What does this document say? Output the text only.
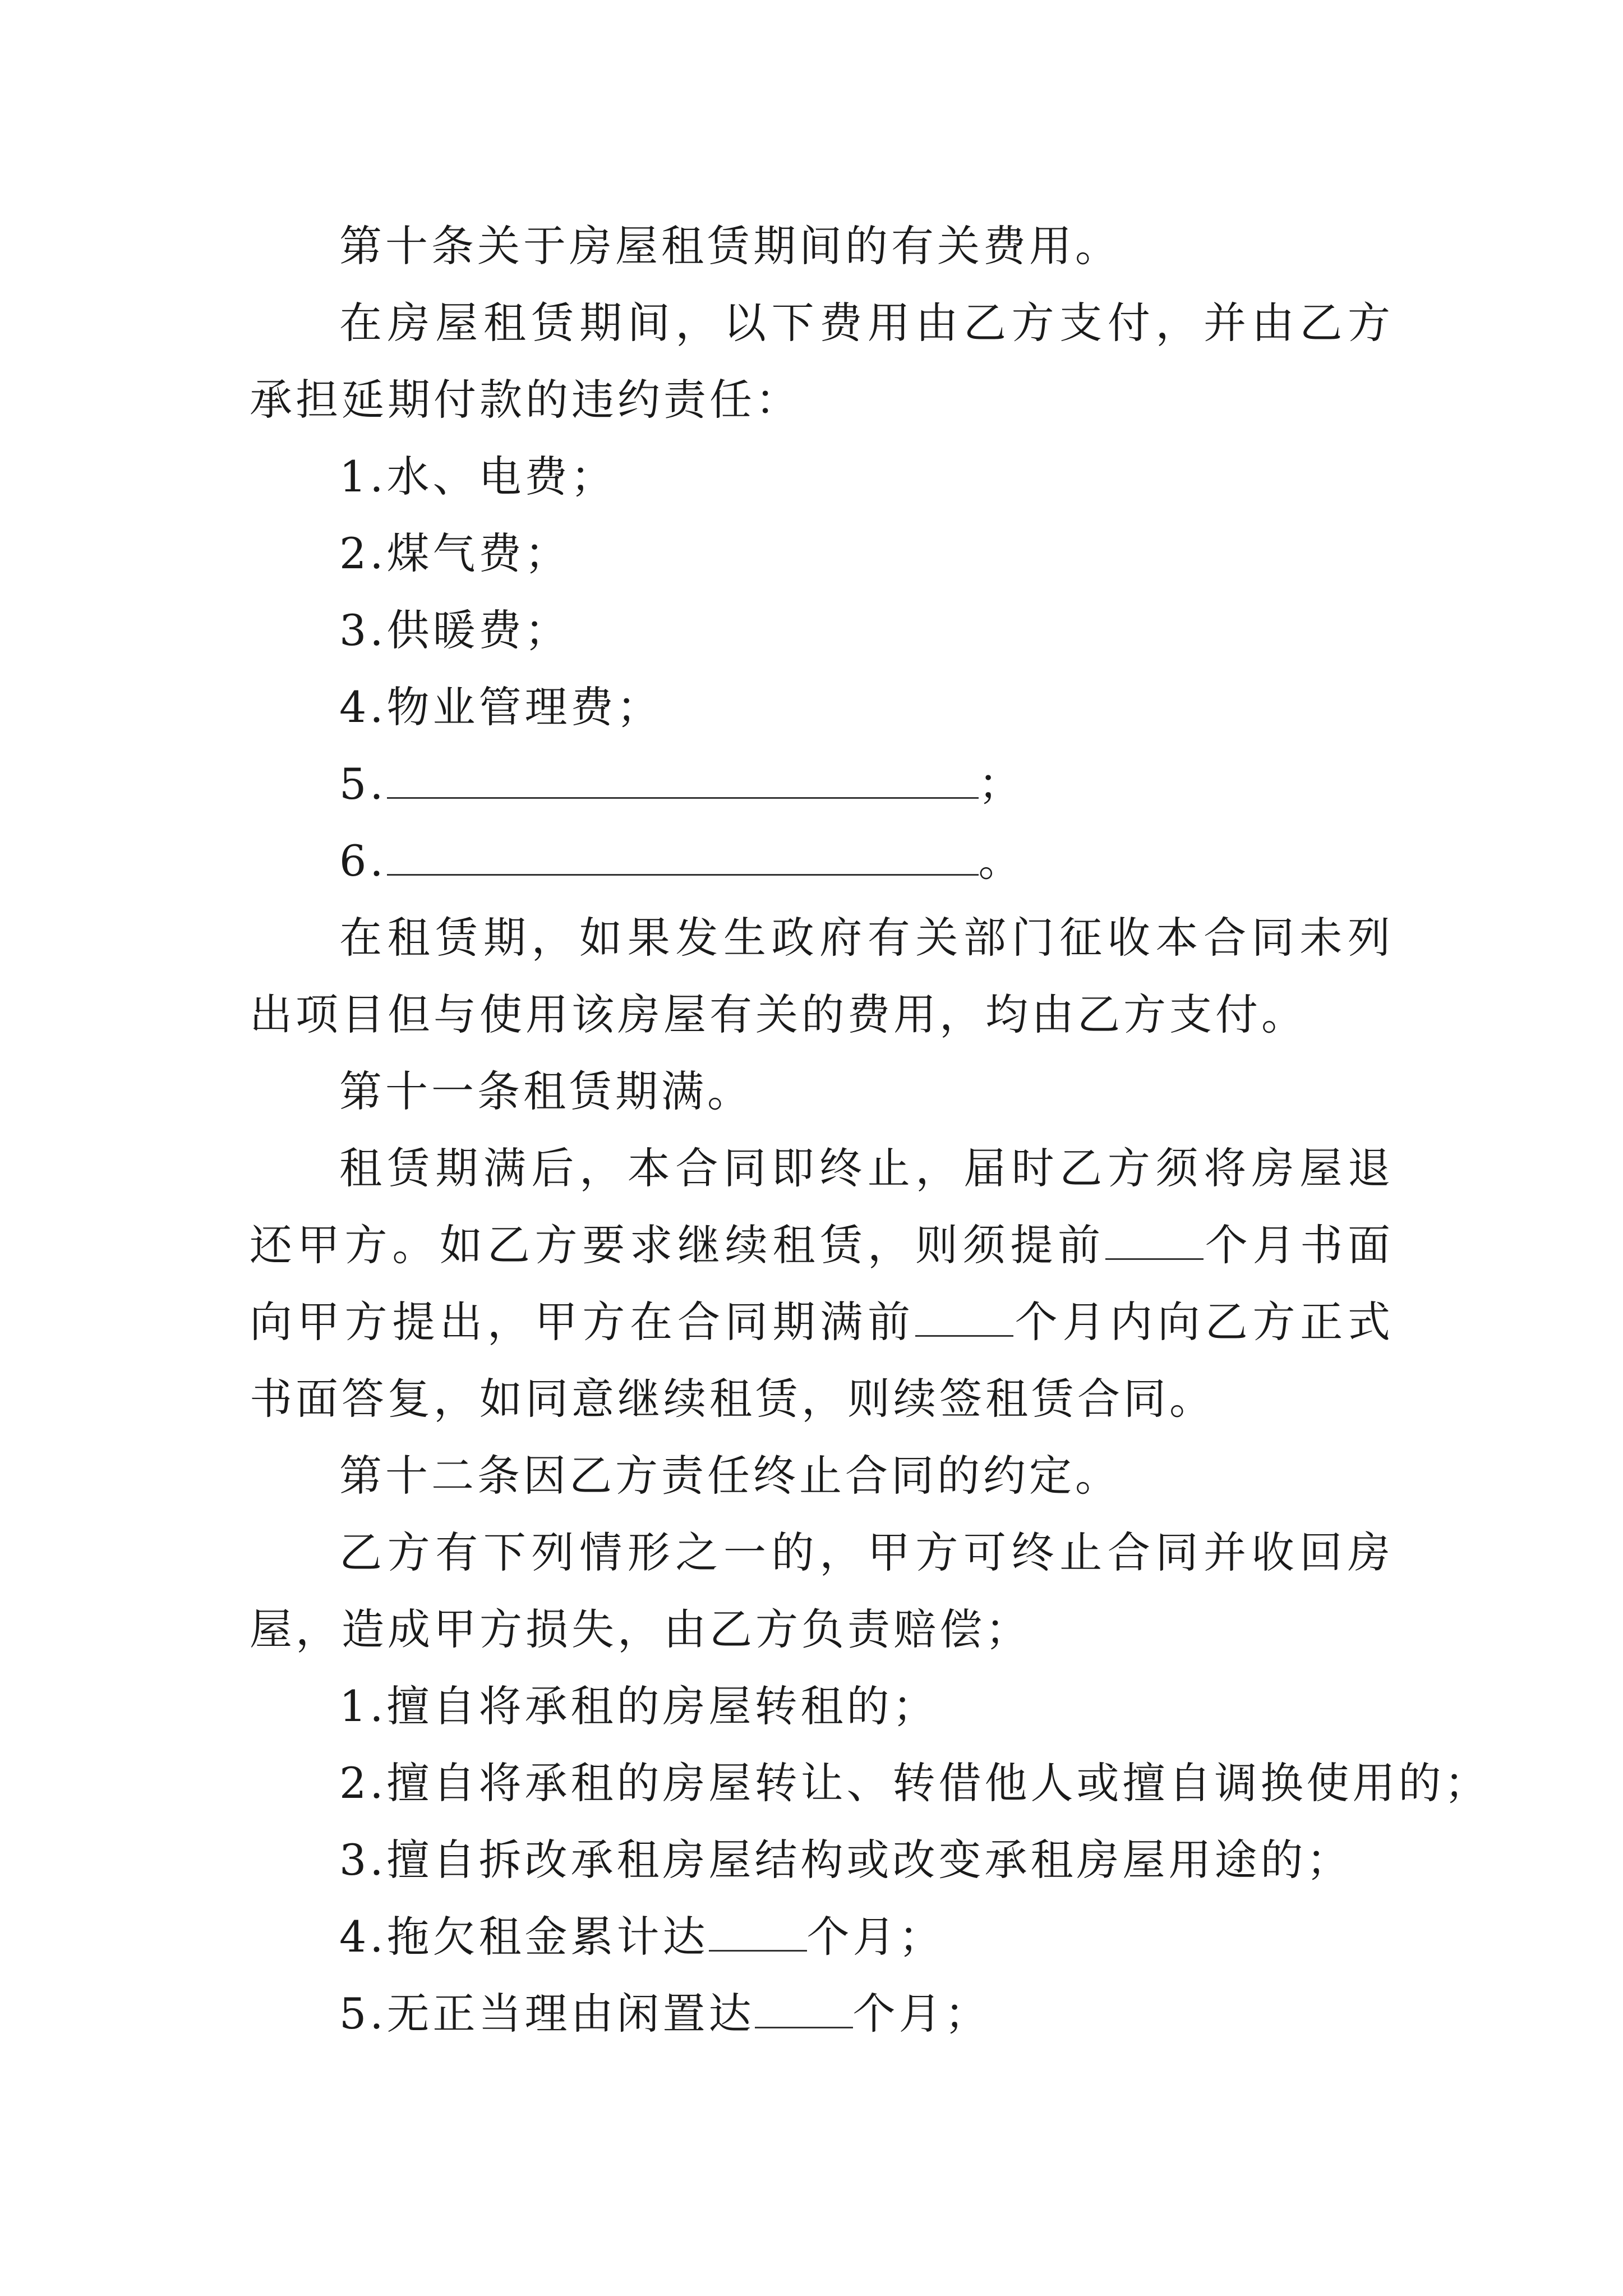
第十条关于房屋租赁期间的有关费用。

在房屋租赁期间，以下费用由乙方支付，并由乙方承担延期付款的违约责任：

1.水、电费；

2.煤气费；

3.供暖费；

4.物业管理费；

5.	；

6.	。

在租赁期，如果发生政府有关部门征收本合同未列出项目但与使用该房屋有关的费用，均由乙方支付。

第十一条租赁期满。

租赁期满后，本合同即终止，届时乙方须将房屋退还甲方。如乙方要求继续租赁，则须提前 个月书面向甲方提出，甲方在合同期满前 个月内向乙方正式书面答复，如同意继续租赁，则续签租赁合同。

第十二条因乙方责任终止合同的约定。

乙方有下列情形之一的，甲方可终止合同并收回房屋，造成甲方损失，由乙方负责赔偿；

1.擅自将承租的房屋转租的；

2.擅自将承租的房屋转让、转借他人或擅自调换使用的；

3.擅自拆改承租房屋结构或改变承租房屋用途的；

4.拖欠租金累计达 个月；

5.无正当理由闲置达 个月；
